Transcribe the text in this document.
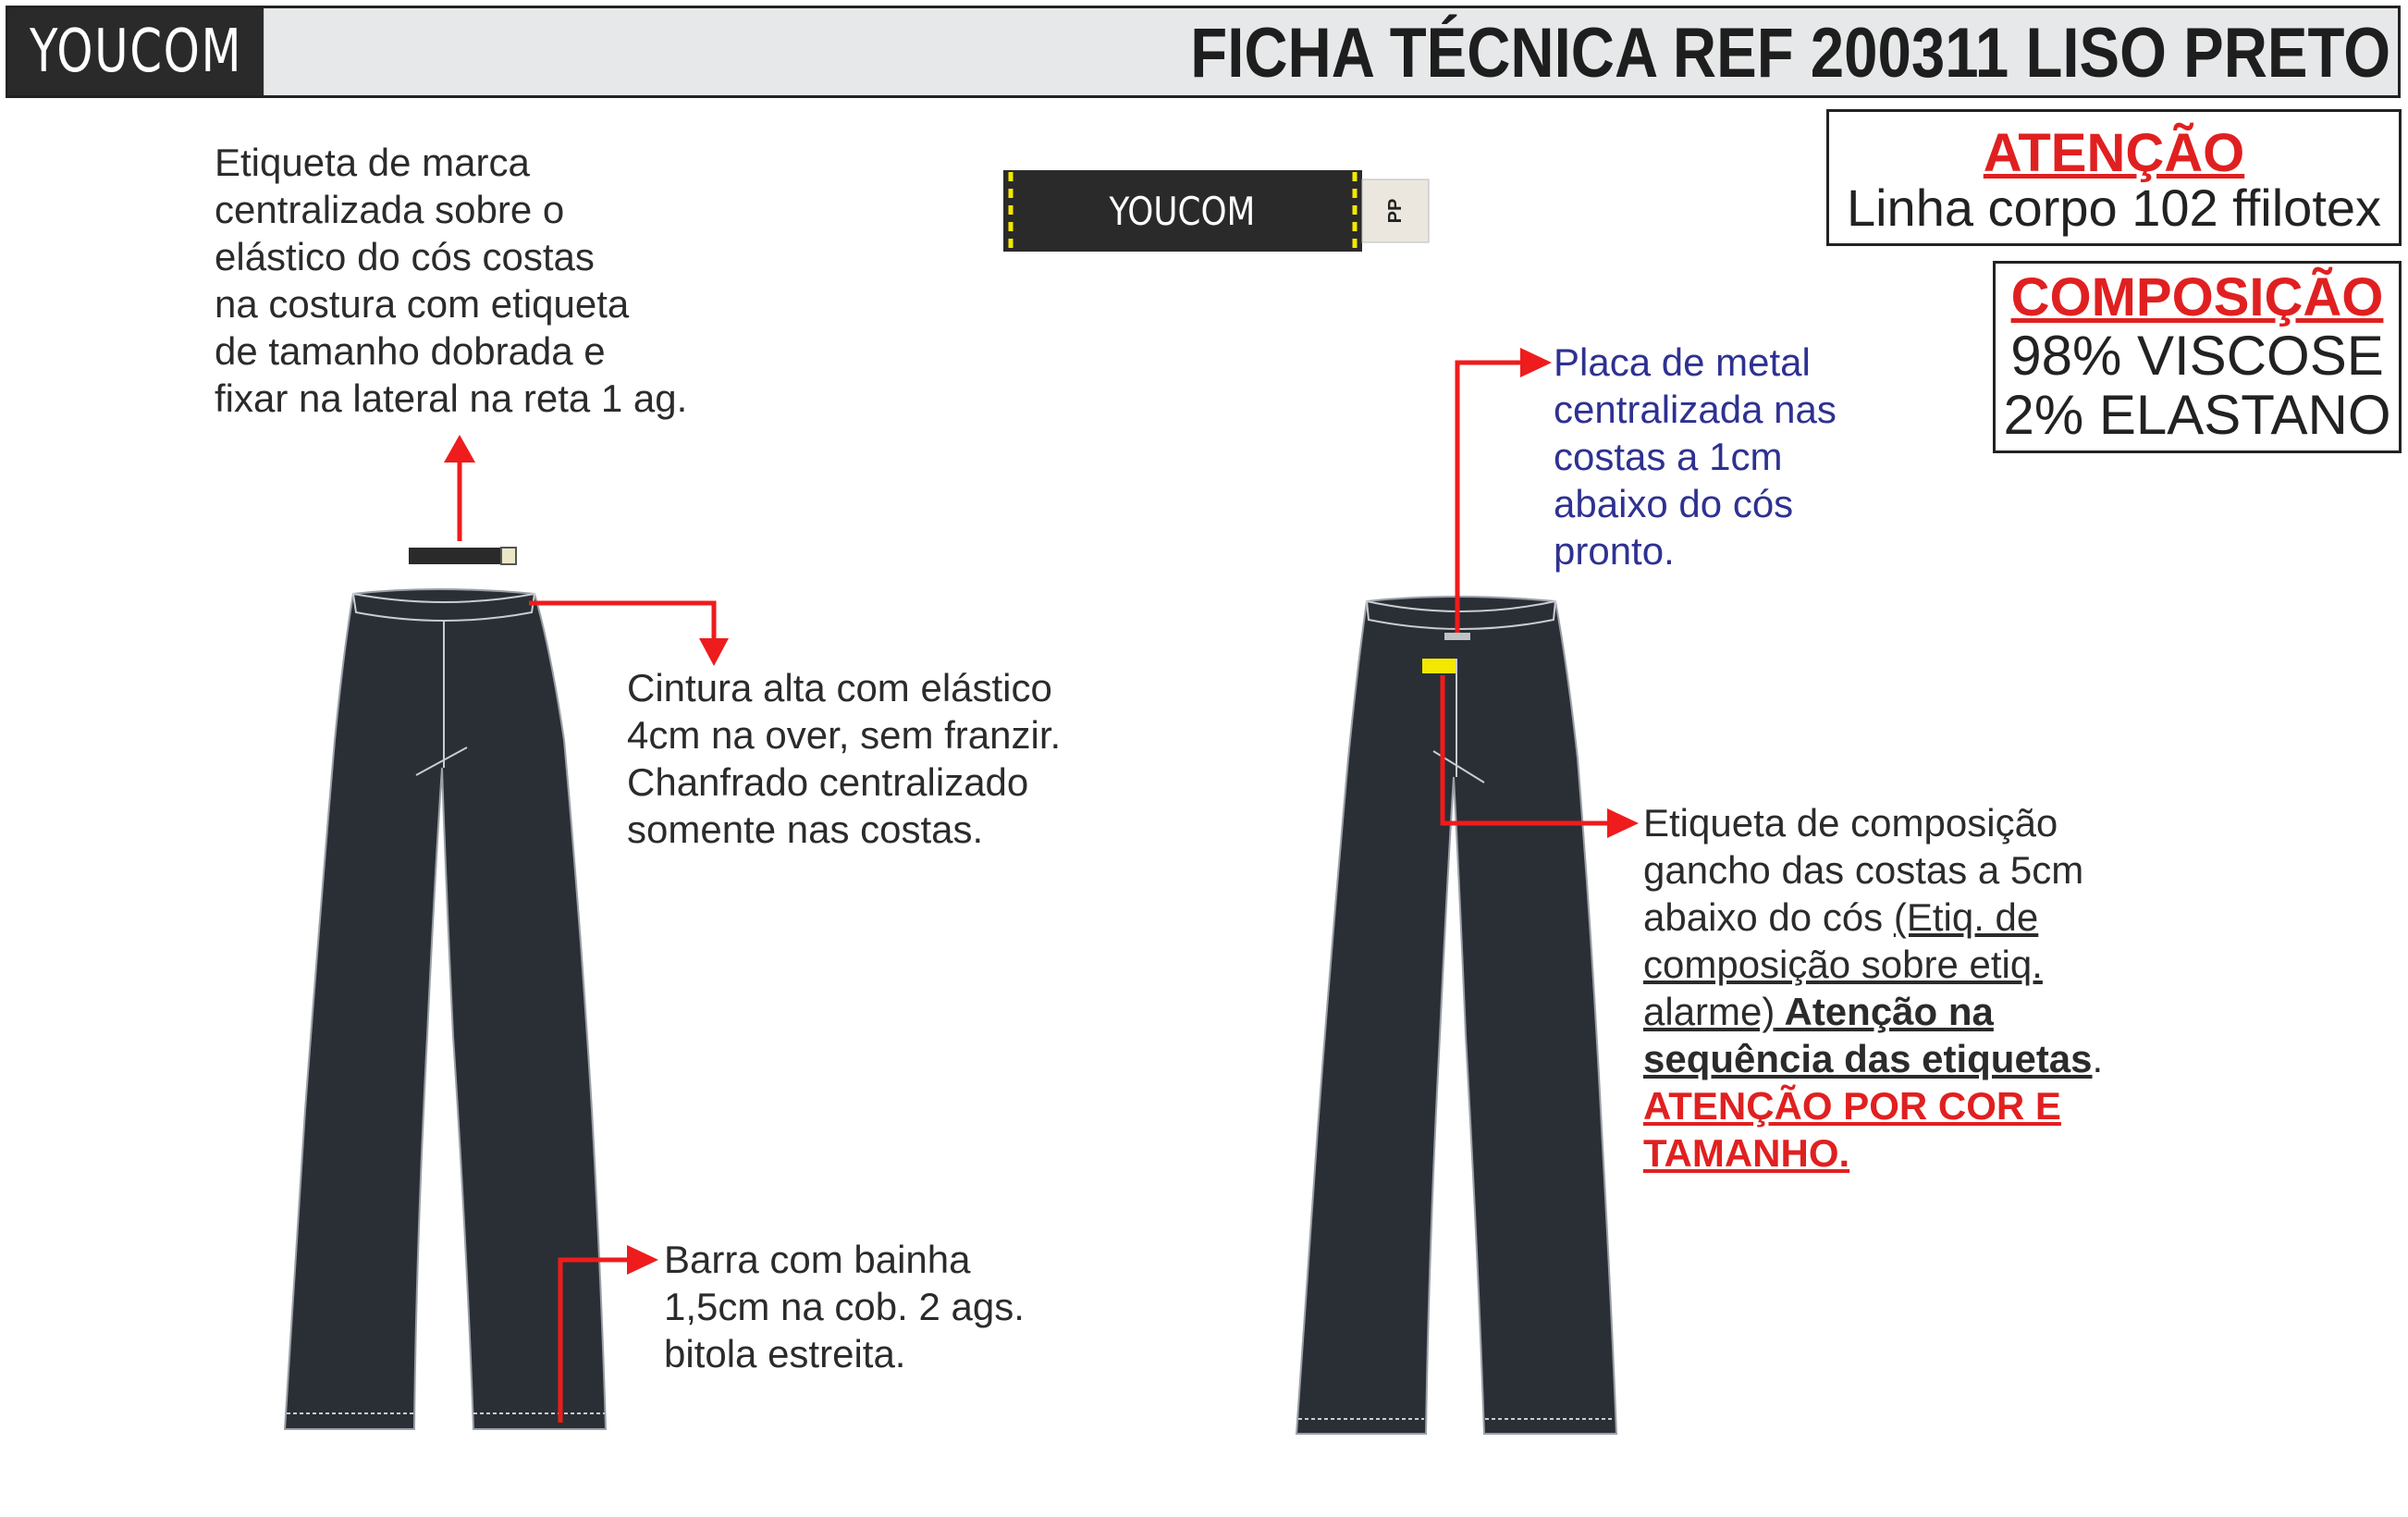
YOUCOM	FICHA TÉCNICA REF 200311 LISO PRETO
ATENÇÃO
Linha corpo 102 ffilotex
COMPOSIÇÃO
98% VISCOSE
2% ELASTANO
YOUCOM	PP
Etiqueta de marca
centralizada sobre o
elástico do cós costas
na costura com etiqueta
de tamanho dobrada e
fixar na lateral na reta 1 ag.
Cintura alta com elástico
4cm na over, sem franzir.
Chanfrado centralizado
somente nas costas.
Barra com bainha
1,5cm na cob. 2 ags.
bitola estreita.
Placa de metal
centralizada nas
costas a 1cm
abaixo do cós
pronto.
Etiqueta de composição
gancho das costas a 5cm
abaixo do cós (Etiq. de
composição sobre etiq.
alarme) Atenção na
sequência das etiquetas.
ATENÇÃO POR COR E
TAMANHO.
